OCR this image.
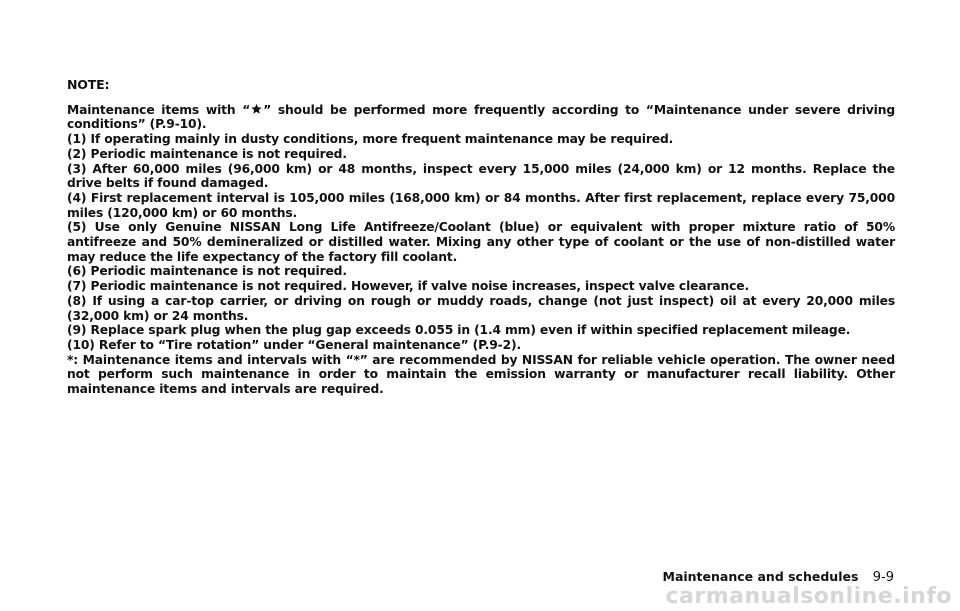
NOTE:

Maintenance items with “ ” should be performed more frequently according to “Maintenance under severe driving conditions” (P.9-10).

(1) If operating mainly in dusty conditions, more frequent maintenance may be required.

(2) Periodic maintenance is not required.

(3) After 60,000 miles (96,000 km) or 48 months, inspect every 15,000 miles (24,000 km) or 12 months. Replace the drive belts if found damaged.

(4) First replacement interval is 105,000 miles (168,000 km) or 84 months. After first replacement, replace every 75,000 miles (120,000 km) or 60 months.

(5) Use only Genuine NISSAN Long Life Antifreeze/Coolant (blue) or equivalent with proper mixture ratio of 50% antifreeze and 50% demineralized or distilled water. Mixing any other type of coolant or the use of non-distilled water may reduce the life expectancy of the factory fill coolant.

(6) Periodic maintenance is not required.

(7) Periodic maintenance is not required. However, if valve noise increases, inspect valve clearance.

(8) If using a car-top carrier, or driving on rough or muddy roads, change (not just inspect) oil at every 20,000 miles (32,000 km) or 24 months.

(9) Replace spark plug when the plug gap exceeds 0.055 in (1.4 mm) even if within specified replacement mileage.

(10) Refer to “Tire rotation” under “General maintenance” (P.9-2).

*: Maintenance items and intervals with “*” are recommended by NISSAN for reliable vehicle operation. The owner need not perform such maintenance in order to maintain the emission warranty or manufacturer recall liability. Other maintenance items and intervals are required.

Maintenance and schedules 9-9
carmanualsonline.info
